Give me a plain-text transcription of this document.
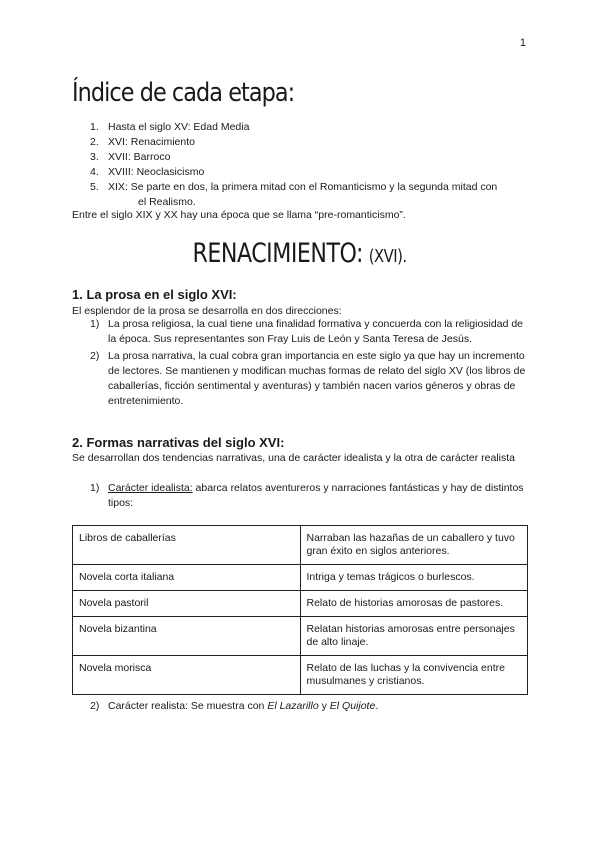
1
Índice de cada etapa:
1. Hasta el siglo XV: Edad Media
2. XVI: Renacimiento
3. XVII: Barroco
4. XVIII: Neoclasicismo
5. XIX: Se parte en dos, la primera mitad con el Romanticismo y la segunda mitad con
el Realismo.
Entre el siglo XIX y XX hay una época que se llama “pre-romanticismo”.
RENACIMIENTO: (XVI).
1. La prosa en el siglo XVI:
El esplendor de la prosa se desarrolla en dos direcciones:
1) La prosa religiosa, la cual tiene una finalidad formativa y concuerda con la religiosidad de la época. Sus representantes son Fray Luis de León y Santa Teresa de Jesús.
2) La prosa narrativa, la cual cobra gran importancia en este siglo ya que hay un incremento de lectores. Se mantienen y modifican muchas formas de relato del siglo XV (los libros de caballerías, ficción sentimental y aventuras) y también nacen varios géneros y obras de entretenimiento.
2. Formas narrativas del siglo XVI:
Se desarrollan dos tendencias narrativas, una de carácter idealista y la otra de carácter realista
1) Carácter idealista: abarca relatos aventureros y narraciones fantásticas y hay de distintos tipos:
Libros de caballerías	Narraban las hazañas de un caballero y tuvo gran éxito en siglos anteriores.
Novela corta italiana	Intriga y temas trágicos o burlescos.
Novela pastoril	Relato de historias amorosas de pastores.
Novela bizantina	Relatan historias amorosas entre personajes de alto linaje.
Novela morisca	Relato de las luchas y la convivencia entre musulmanes y cristianos.
2) Carácter realista: Se muestra con El Lazarillo y El Quijote.
